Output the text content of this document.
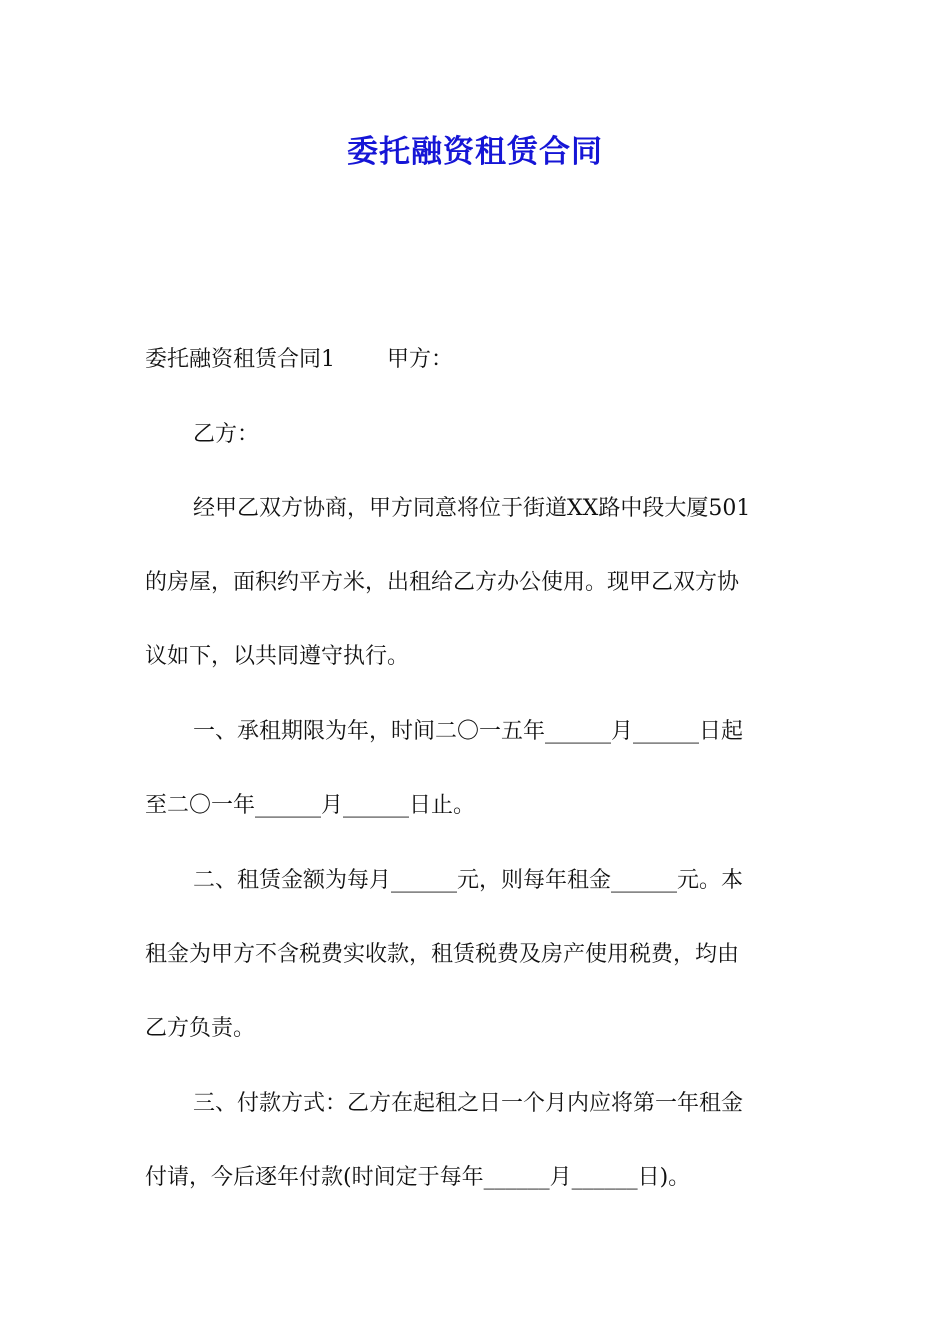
委托融资租赁合同
委托融资租赁合同1 甲方：
乙方：
经甲乙双方协商，甲方同意将位于街道XX路中段大厦501
的房屋，面积约平方米，出租给乙方办公使用。现甲乙双方协
议如下，以共同遵守执行。
一、承租期限为年，时间二〇一五年______月______日起
至二〇一年______月______日止。
二、租赁金额为每月______元，则每年租金______元。本
租金为甲方不含税费实收款，租赁税费及房产使用税费，均由
乙方负责。
三、付款方式：乙方在起租之日一个月内应将第一年租金
付请，今后逐年付款(时间定于每年______月______日)。
